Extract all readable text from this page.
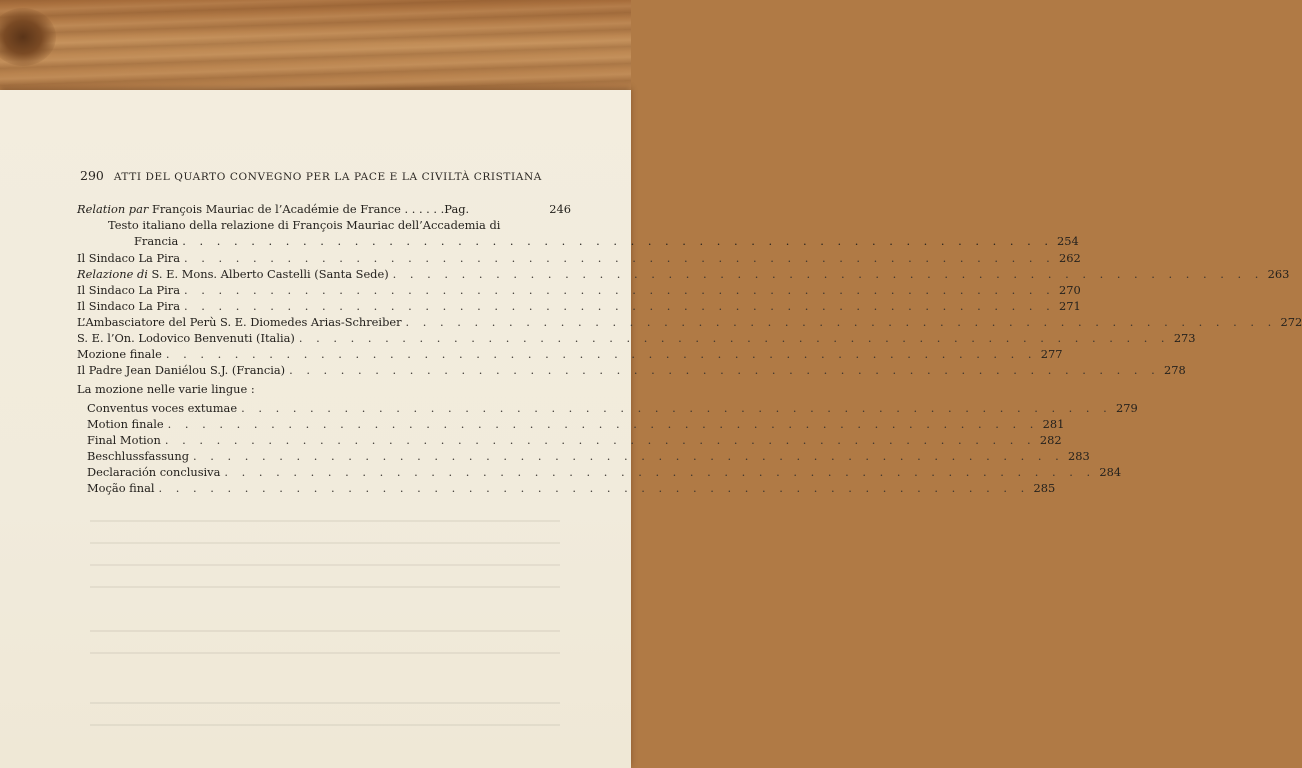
290 ATTI DEL QUARTO CONVEGNO PER LA PACE E LA CIVILTÀ CRISTIANA
Relation par François Mauriac de l’Académie de France . . . . . .Pag.	246
Testo italiano della relazione di François Mauriac dell’Accademia di
Francia . . . . . . . . . . . . . . . . . . . . . . . . . . . . . . . . . . . . . . . . . . . . . . . . . . . 254
Il Sindaco La Pira . . . . . . . . . . . . . . . . . . . . . . . . . . . . . . . . . . . . . . . . . . . . . . . . . . . 262
Relazione di S. E. Mons. Alberto Castelli (Santa Sede) . . . . . . . . . . . . . . . . . . . . . . . . . . . . . . . . . . . . . . . . . . . . . . . . . . . 263
Il Sindaco La Pira . . . . . . . . . . . . . . . . . . . . . . . . . . . . . . . . . . . . . . . . . . . . . . . . . . . 270
Il Sindaco La Pira . . . . . . . . . . . . . . . . . . . . . . . . . . . . . . . . . . . . . . . . . . . . . . . . . . . 271
L’Ambasciatore del Perù S. E. Diomedes Arias-Schreiber . . . . . . . . . . . . . . . . . . . . . . . . . . . . . . . . . . . . . . . . . . . . . . . . . . . 272
S. E. l’On. Lodovico Benvenuti (Italia) . . . . . . . . . . . . . . . . . . . . . . . . . . . . . . . . . . . . . . . . . . . . . . . . . . . 273
Mozione finale . . . . . . . . . . . . . . . . . . . . . . . . . . . . . . . . . . . . . . . . . . . . . . . . . . . 277
Il Padre Jean Daniélou S.J. (Francia) . . . . . . . . . . . . . . . . . . . . . . . . . . . . . . . . . . . . . . . . . . . . . . . . . . . 278
La mozione nelle varie lingue :
Conventus voces extumae . . . . . . . . . . . . . . . . . . . . . . . . . . . . . . . . . . . . . . . . . . . . . . . . . . . 279
Motion finale . . . . . . . . . . . . . . . . . . . . . . . . . . . . . . . . . . . . . . . . . . . . . . . . . . . 281
Final Motion . . . . . . . . . . . . . . . . . . . . . . . . . . . . . . . . . . . . . . . . . . . . . . . . . . . 282
Beschlussfassung . . . . . . . . . . . . . . . . . . . . . . . . . . . . . . . . . . . . . . . . . . . . . . . . . . . 283
Declaración conclusiva . . . . . . . . . . . . . . . . . . . . . . . . . . . . . . . . . . . . . . . . . . . . . . . . . . . 284
Moção final . . . . . . . . . . . . . . . . . . . . . . . . . . . . . . . . . . . . . . . . . . . . . . . . . . . 285
